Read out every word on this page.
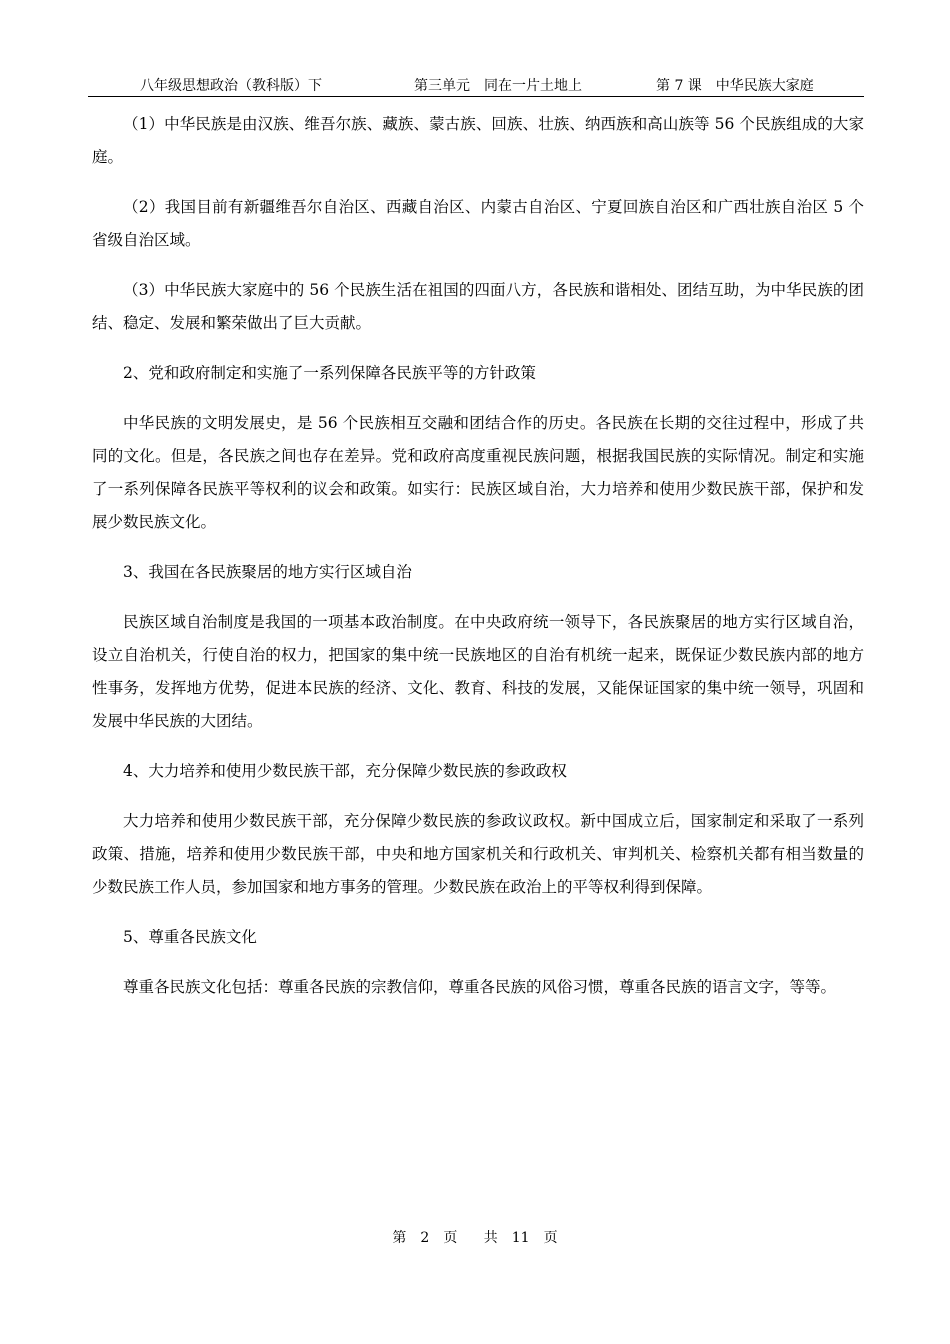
八年级思想政治（教科版）下	第三单元　同在一片土地上	第 7 课　中华民族大家庭

（1）中华民族是由汉族、维吾尔族、藏族、蒙古族、回族、壮族、纳西族和高山族等 56 个民族组成的大家庭。

（2）我国目前有新疆维吾尔自治区、西藏自治区、内蒙古自治区、宁夏回族自治区和广西壮族自治区 5 个省级自治区域。

（3）中华民族大家庭中的 56 个民族生活在祖国的四面八方，各民族和谐相处、团结互助，为中华民族的团结、稳定、发展和繁荣做出了巨大贡献。

2、党和政府制定和实施了一系列保障各民族平等的方针政策

中华民族的文明发展史，是 56 个民族相互交融和团结合作的历史。各民族在长期的交往过程中，形成了共同的文化。但是，各民族之间也存在差异。党和政府高度重视民族问题，根据我国民族的实际情况。制定和实施了一系列保障各民族平等权利的议会和政策。如实行：民族区域自治，大力培养和使用少数民族干部，保护和发展少数民族文化。

3、我国在各民族聚居的地方实行区域自治

民族区域自治制度是我国的一项基本政治制度。在中央政府统一领导下，各民族聚居的地方实行区域自治，设立自治机关，行使自治的权力，把国家的集中统一民族地区的自治有机统一起来，既保证少数民族内部的地方性事务，发挥地方优势，促进本民族的经济、文化、教育、科技的发展，又能保证国家的集中统一领导，巩固和发展中华民族的大团结。

4、大力培养和使用少数民族干部，充分保障少数民族的参政政权

大力培养和使用少数民族干部，充分保障少数民族的参政议政权。新中国成立后，国家制定和采取了一系列政策、措施，培养和使用少数民族干部，中央和地方国家机关和行政机关、审判机关、检察机关都有相当数量的少数民族工作人员，参加国家和地方事务的管理。少数民族在政治上的平等权利得到保障。

5、尊重各民族文化

尊重各民族文化包括：尊重各民族的宗教信仰，尊重各民族的风俗习惯，尊重各民族的语言文字，等等。

第 2 页 共 11 页
